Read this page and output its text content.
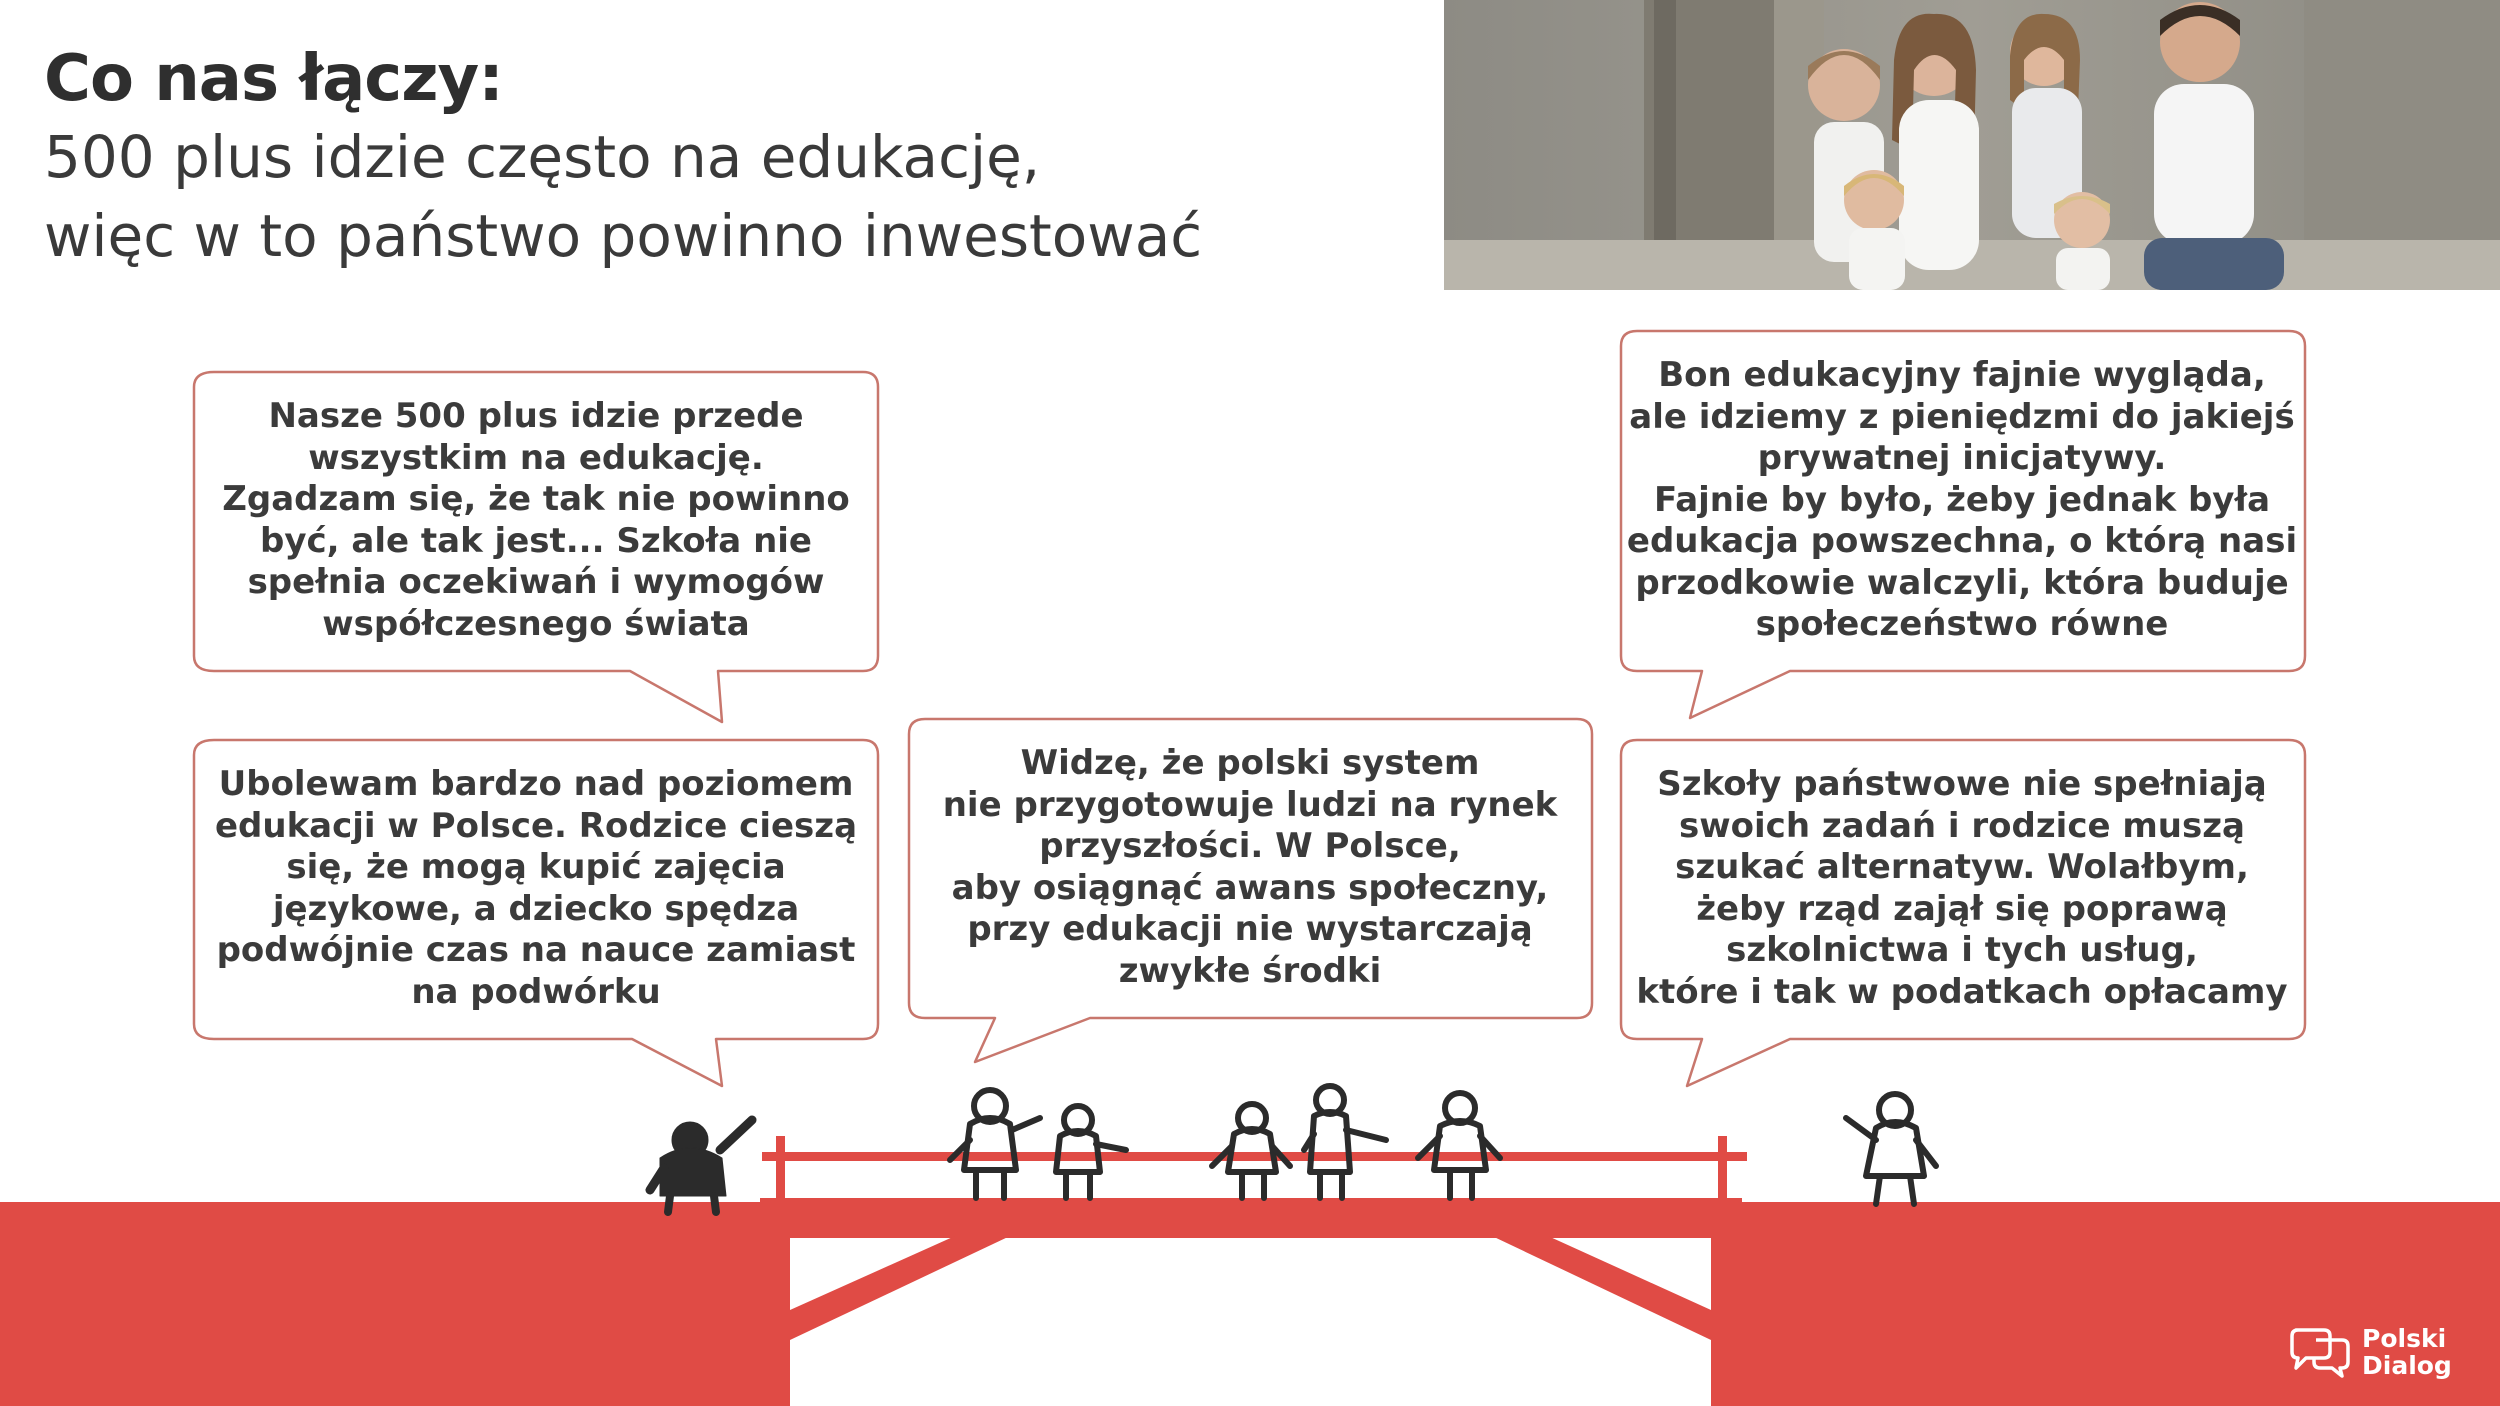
Co nas łączy:
500 plus idzie często na edukację,
więc w to państwo powinno inwestować
Nasze 500 plus idzie przede
wszystkim na edukację.
Zgadzam się, że tak nie powinno
być, ale tak jest... Szkoła nie
spełnia oczekiwań i wymogów
współczesnego świata
Bon edukacyjny fajnie wygląda,
ale idziemy z pieniędzmi do jakiejś
prywatnej inicjatywy.
Fajnie by było, żeby jednak była
edukacja powszechna, o którą nasi
przodkowie walczyli, która buduje
społeczeństwo równe
Ubolewam bardzo nad poziomem
edukacji w Polsce. Rodzice cieszą
się, że mogą kupić zajęcia
językowe, a dziecko spędza
podwójnie czas na nauce zamiast
na podwórku
Widzę, że polski system
nie przygotowuje ludzi na rynek
przyszłości. W Polsce,
aby osiągnąć awans społeczny,
przy edukacji nie wystarczają
zwykłe środki
Szkoły państwowe nie spełniają
swoich zadań i rodzice muszą
szukać alternatyw. Wolałbym,
żeby rząd zajął się poprawą
szkolnictwa i tych usług,
które i tak w podatkach opłacamy
Polski
Dialog
